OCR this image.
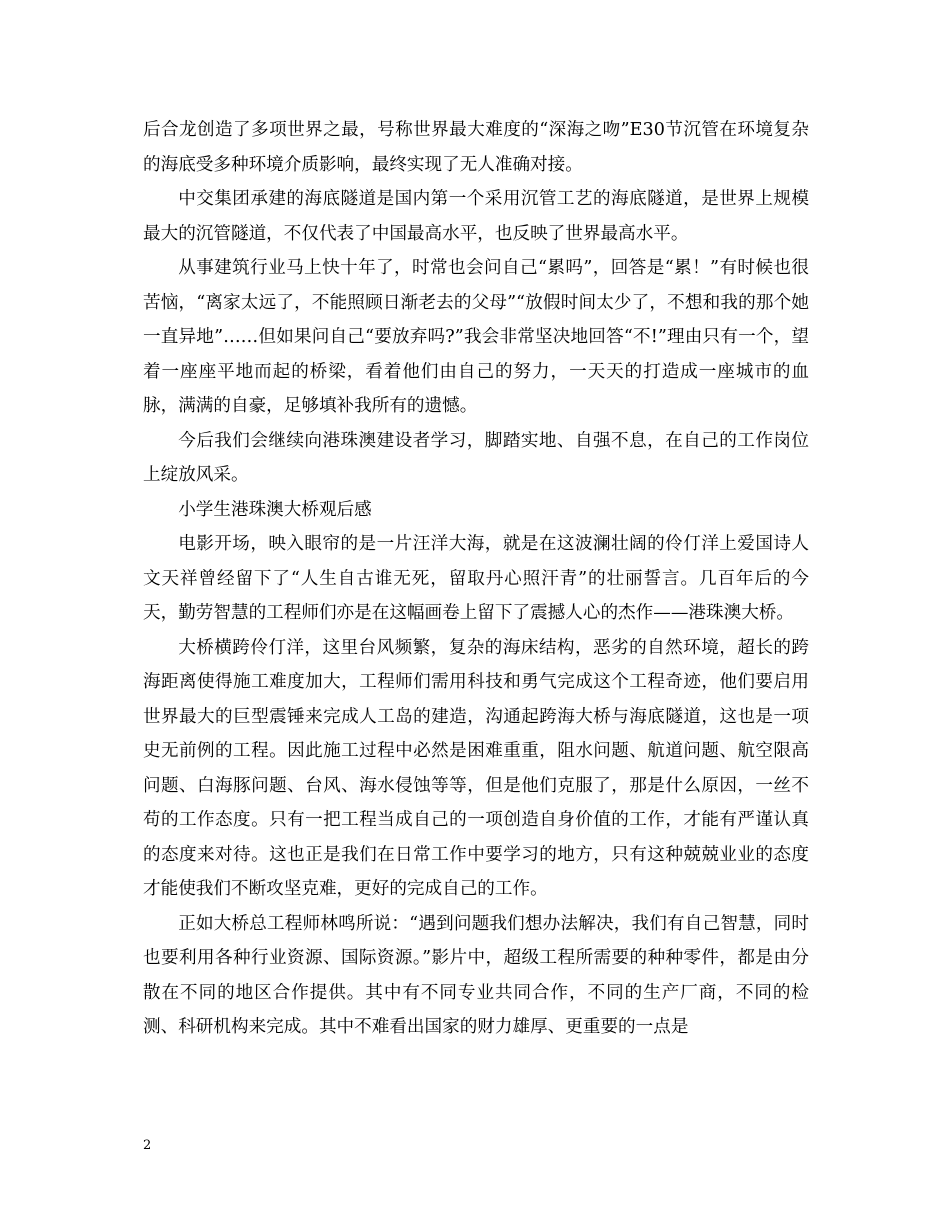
后合龙创造了多项世界之最，号称世界最大难度的“深海之吻”E30节沉管在环境复杂的海底受多种环境介质影响，最终实现了无人准确对接。

中交集团承建的海底隧道是国内第一个采用沉管工艺的海底隧道，是世界上规模最大的沉管隧道，不仅代表了中国最高水平，也反映了世界最高水平。

从事建筑行业马上快十年了，时常也会问自己“累吗”，回答是“累！”有时候也很苦恼，“离家太远了，不能照顾日渐老去的父母”“放假时间太少了，不想和我的那个她一直异地”……但如果问自己“要放弃吗?”我会非常坚决地回答“不!”理由只有一个，望着一座座平地而起的桥梁，看着他们由自己的努力，一天天的打造成一座城市的血脉，满满的自豪，足够填补我所有的遗憾。

今后我们会继续向港珠澳建设者学习，脚踏实地、自强不息，在自己的工作岗位上绽放风采。

小学生港珠澳大桥观后感

电影开场，映入眼帘的是一片汪洋大海，就是在这波澜壮阔的伶仃洋上爱国诗人文天祥曾经留下了“人生自古谁无死，留取丹心照汗青”的壮丽誓言。几百年后的今天，勤劳智慧的工程师们亦是在这幅画卷上留下了震撼人心的杰作——港珠澳大桥。

大桥横跨伶仃洋，这里台风频繁，复杂的海床结构，恶劣的自然环境，超长的跨海距离使得施工难度加大，工程师们需用科技和勇气完成这个工程奇迹，他们要启用世界最大的巨型震锤来完成人工岛的建造，沟通起跨海大桥与海底隧道，这也是一项史无前例的工程。因此施工过程中必然是困难重重，阻水问题、航道问题、航空限高问题、白海豚问题、台风、海水侵蚀等等，但是他们克服了，那是什么原因，一丝不苟的工作态度。只有一把工程当成自己的一项创造自身价值的工作，才能有严谨认真的态度来对待。这也正是我们在日常工作中要学习的地方，只有这种兢兢业业的态度才能使我们不断攻坚克难，更好的完成自己的工作。

正如大桥总工程师林鸣所说：“遇到问题我们想办法解决，我们有自己智慧，同时也要利用各种行业资源、国际资源。”影片中，超级工程所需要的种种零件，都是由分散在不同的地区合作提供。其中有不同专业共同合作，不同的生产厂商，不同的检测、科研机构来完成。其中不难看出国家的财力雄厚、更重要的一点是

2
